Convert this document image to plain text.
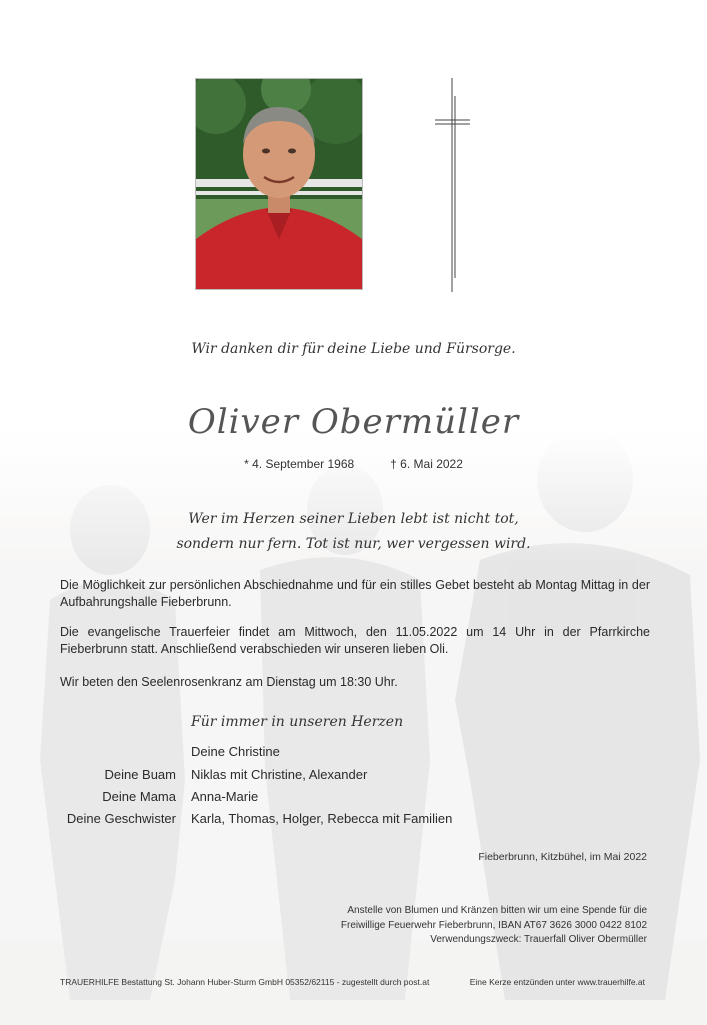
Wir danken dir für deine Liebe und Fürsorge.
Oliver Obermüller
* 4. September 1968	† 6. Mai 2022
Wer im Herzen seiner Lieben lebt ist nicht tot,
sondern nur fern. Tot ist nur, wer vergessen wird.
Die Möglichkeit zur persönlichen Abschiednahme und für ein stilles Gebet besteht ab Montag Mittag in der Aufbahrungshalle Fieberbrunn.
Die evangelische Trauerfeier findet am Mittwoch, den 11.05.2022 um 14 Uhr in der Pfarrkirche Fieberbrunn statt. Anschließend verabschieden wir unseren lieben Oli.
Wir beten den Seelenrosenkranz am Dienstag um 18:30 Uhr.
Für immer in unseren Herzen
Deine Christine
Deine Buam Niklas mit Christine, Alexander
Deine Mama Anna-Marie
Deine Geschwister Karla, Thomas, Holger, Rebecca mit Familien
Fieberbrunn, Kitzbühel, im Mai 2022
Anstelle von Blumen und Kränzen bitten wir um eine Spende für die
Freiwillige Feuerwehr Fieberbrunn, IBAN AT67 3626 3000 0422 8102
Verwendungszweck: Trauerfall Oliver Obermüller
TRAUERHILFE Bestattung St. Johann Huber-Sturm GmbH 05352/62115 - zugestellt durch post.at	Eine Kerze entzünden unter www.trauerhilfe.at
